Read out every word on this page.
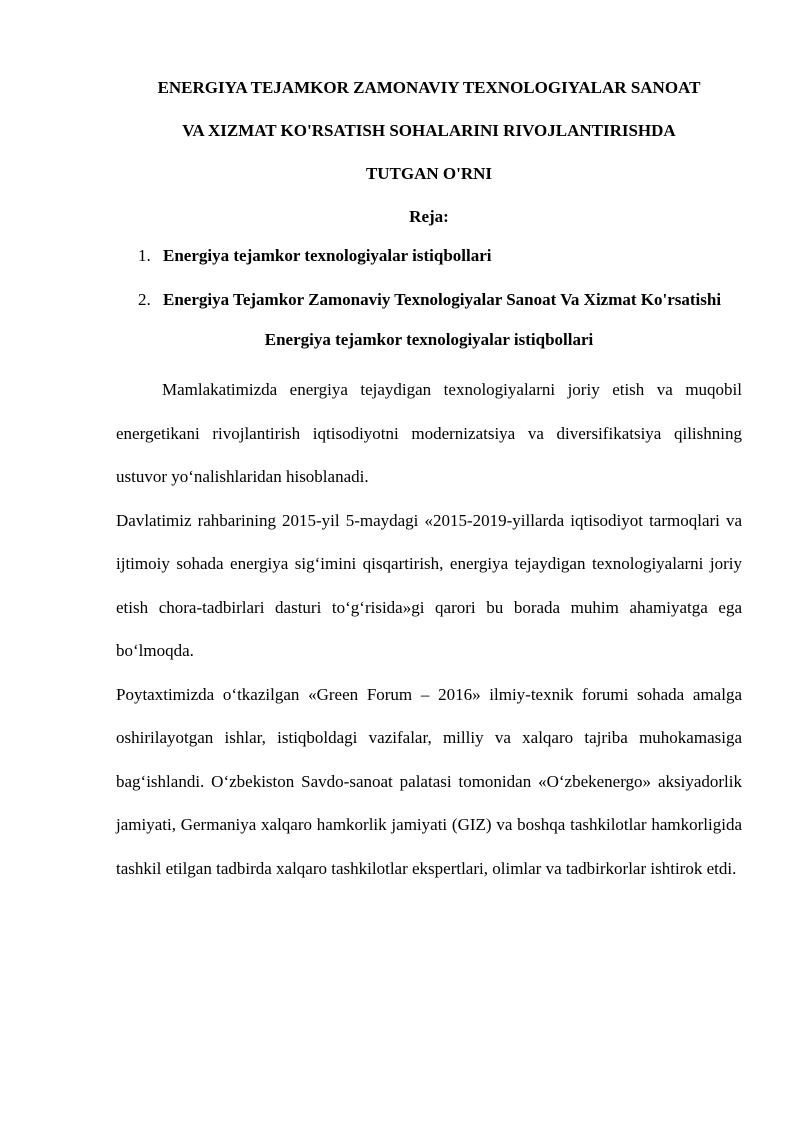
ENERGIYA TEJAMKOR ZAMONAVIY TEXNOLOGIYALAR SANOAT

VA XIZMAT KO'RSATISH SOHALARINI RIVOJLANTIRISHDA

TUTGAN O'RNI

Reja:

1. Energiya tejamkor texnologiyalar istiqbollari
2. Energiya Tejamkor Zamonaviy Texnologiyalar Sanoat Va Xizmat Ko'rsatishi

Energiya tejamkor texnologiyalar istiqbollari

Mamlakatimizda energiya tejaydigan texnologiyalarni joriy etish va muqobil energetikani rivojlantirish iqtisodiyotni modernizatsiya va diversifikatsiya qilishning ustuvor yo‘nalishlaridan hisoblanadi.

Davlatimiz rahbarining 2015-yil 5-maydagi «2015-2019-yillarda iqtisodiyot tarmoqlari va ijtimoiy sohada energiya sig‘imini qisqartirish, energiya tejaydigan texnologiyalarni joriy etish chora-tadbirlari dasturi to‘g‘risida»gi qarori bu borada muhim ahamiyatga ega bo‘lmoqda.

Poytaxtimizda o‘tkazilgan «Green Forum – 2016» ilmiy-texnik forumi sohada amalga oshirilayotgan ishlar, istiqboldagi vazifalar, milliy va xalqaro tajriba muhokamasiga bag‘ishlandi. O‘zbekiston Savdo-sanoat palatasi tomonidan «O‘zbekenergo» aksiyadorlik jamiyati, Germaniya xalqaro hamkorlik jamiyati (GIZ) va boshqa tashkilotlar hamkorligida tashkil etilgan tadbirda xalqaro tashkilotlar ekspertlari, olimlar va tadbirkorlar ishtirok etdi.
